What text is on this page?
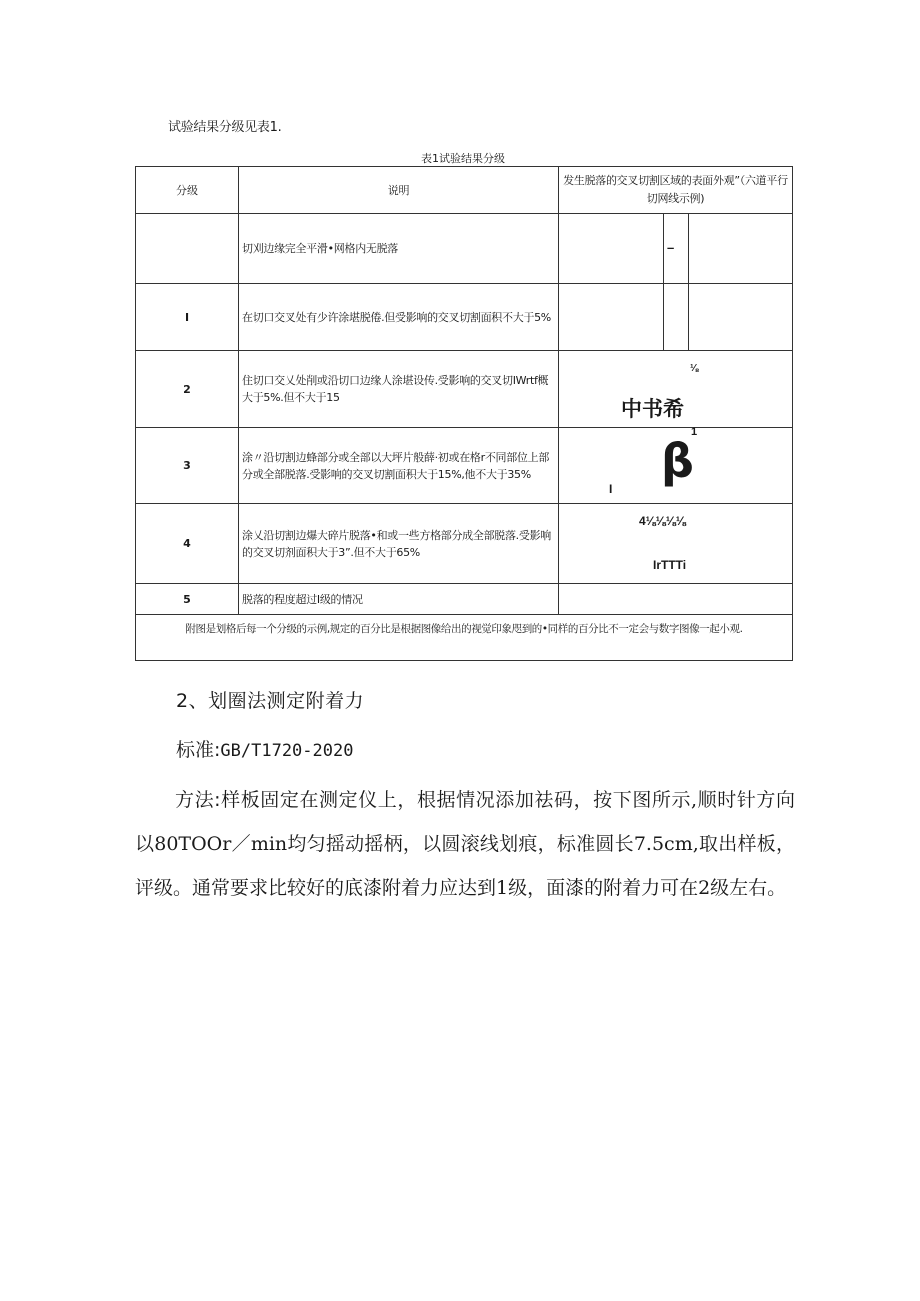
试验结果分级见表1.
表1试验结果分级
分级	说明	发生脱落的交叉切割区域的表面外观”（六道平行切网线示例)
	切刈边缘完全平滑•网格内无脱落	–

I	在切口交叉处有少许涂堪脱倦.但受影响的交叉切割面积不大于5%	

2	住切口交乂处削或沿切口边缘人涂堪设传.受影响的交叉切IWrtf概大于5%.但不大于15	⅛
中书希

3	涂〃沿切割边蜂部分或全部以大坪片般薛·初或在格r不同部位上部分或全部脱落.受影响的交叉切割面积大于15%,他不大于35%	1
β
I

4	涂乂沿切割边爆大碎片脱落•和或一些方格部分成全部脱落.受影响的交叉切剂面积大于3”.但不大于65%	4⅛⅛⅛⅛
IrTTTi

5	脱落的程度超过I级的情况	
附图是划格后每一个分级的示例,规定的百分比是根据图像给出的视觉印象咫到的•同样的百分比不一定会与数字图像一起小观.		
2、划圈法测定附着力
标准:GB/T1720-2020
方法:样板固定在测定仪上，根据情况添加祛码，按下图所示,顺时针方向以80TOOr／min均匀摇动摇柄，以圆滚线划痕，标准圆长7.5cm,取出样板，评级。通常要求比较好的底漆附着力应达到1级，面漆的附着力可在2级左右。
